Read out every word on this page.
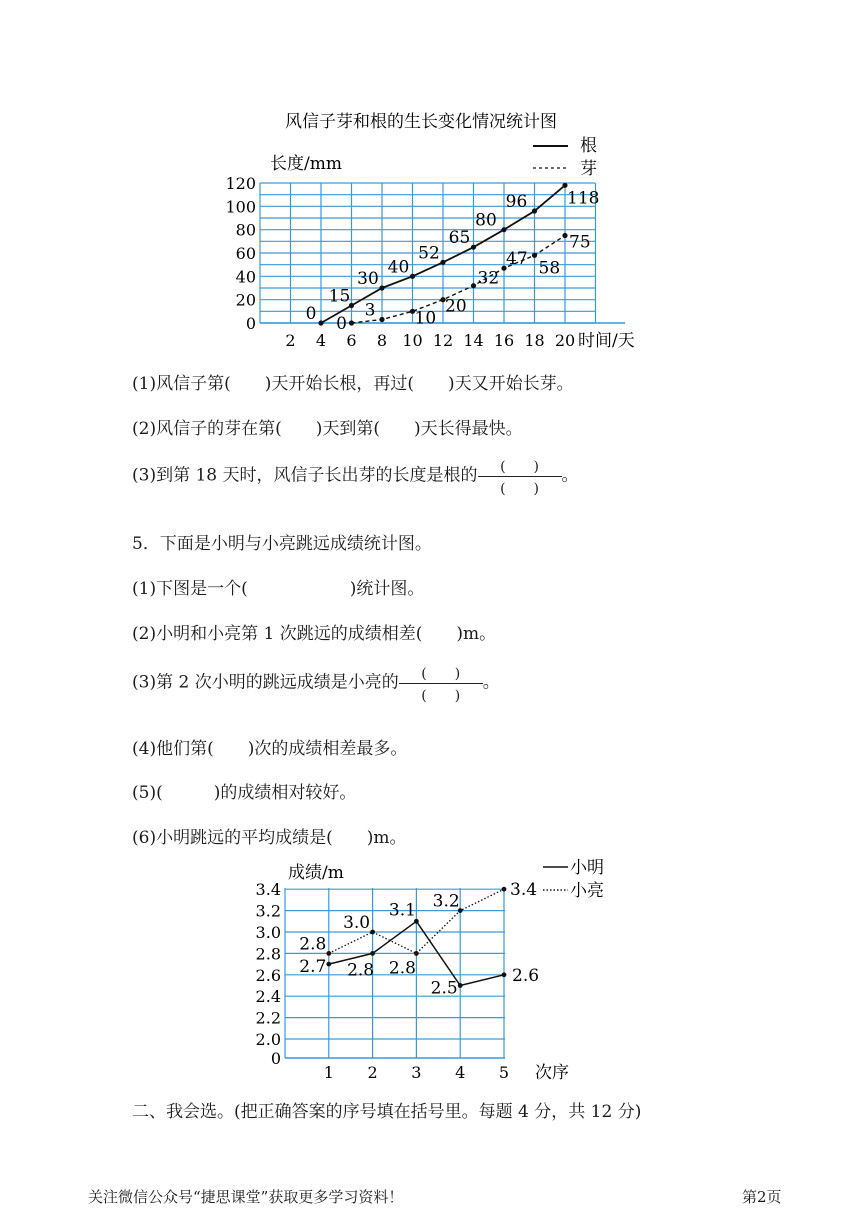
风信子芽和根的生长变化情况统计图
长度/mm
根
芽
2 4 6 8 10 12 14 16 18 20
0
20
40
60
80
100
120
0
15
30
40
52
65
80
96 118
0
3 10
20
32
47 58
75
时间/天
(1)风信子第(　　)天开始长根，再过(　　)天又开始长芽。
(2)风信子的芽在第(　　)天到第(　　)天长得最快。
(3)到第 18 天时，风信子长出芽的长度是根的 $\frac{( )}{( )}$ 。
5．下面是小明与小亮跳远成绩统计图。
(1)下图是一个(　　　　　　)统计图。
(2)小明和小亮第 1 次跳远的成绩相差(　　)m。
(3)第 2 次小明的跳远成绩是小亮的 $\frac{( )}{( )}$ 。
(4)他们第(　　)次的成绩相差最多。
(5)(　　　)的成绩相对较好。
(6)小明跳远的平均成绩是(　　)m。
成绩/m	小明
小亮
1 2 3 4 5
0
2.0
2.2
2.4
2.6
2.8
3.0
3.2
3.4
2.7 2.8
3.1
2.5
2.6
2.8
3.0
2.8
3.2
3.4
次序
二、我会选。(把正确答案的序号填在括号里。每题 4 分，共 12 分)
关注微信公众号“捷思课堂”获取更多学习资料！	第2页
